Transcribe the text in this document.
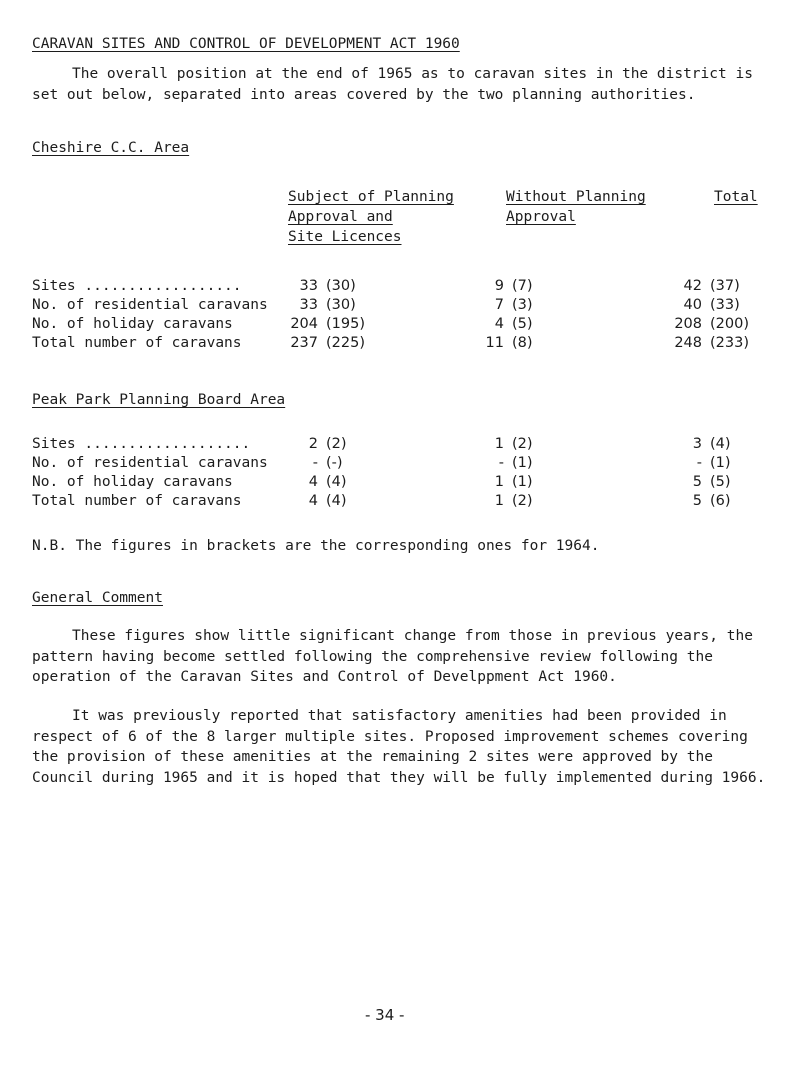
CARAVAN SITES AND CONTROL OF DEVELOPMENT ACT 1960
The overall position at the end of 1965 as to caravan sites in the district is set out below, separated into areas covered by the two planning authorities.
Cheshire C.C. Area
Subject of Planning
Approval and
Site Licences
Without Planning
Approval
Total
Sites ..................	33 (30)	9 (7)	42 (37)
No. of residential caravans	33 (30)	7 (3)	40 (33)
No. of holiday caravans	204 (195)	4 (5)	208 (200)
Total number of caravans	237 (225)	11 (8)	248 (233)
Peak Park Planning Board Area
Sites ...................	2 (2)	1 (2)	3 (4)
No. of residential caravans	- (-)	- (1)	- (1)
No. of holiday caravans	4 (4)	1 (1)	5 (5)
Total number of caravans	4 (4)	1 (2)	5 (6)
N.B. The figures in brackets are the corresponding ones for 1964.
General Comment
These figures show little significant change from those in previous years, the pattern having become settled following the comprehensive review following the operation of the Caravan Sites and Control of Develppment Act 1960.
It was previously reported that satisfactory amenities had been provided in respect of 6 of the 8 larger multiple sites. Proposed improvement schemes covering the provision of these amenities at the remaining 2 sites were approved by the Council during 1965 and it is hoped that they will be fully implemented during 1966.
- 34 -
